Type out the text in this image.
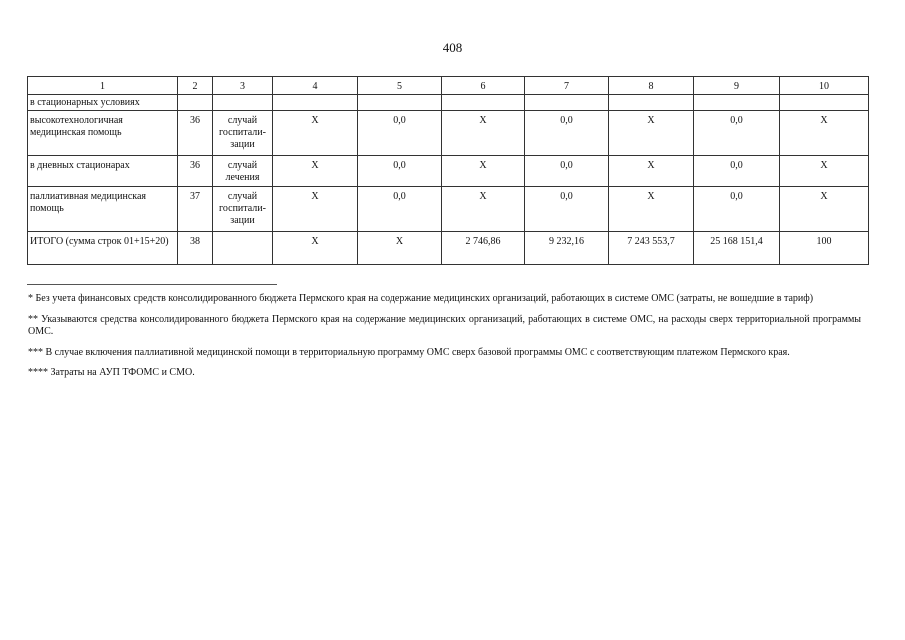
408
1	2	3	4	5	6	7	8	9	10
в стационарных условиях									
высокотехнологичная медицинская помощь	36	случай госпитали- зации	Х	0,0	Х	0,0	Х	0,0	Х
в дневных стационарах	36	случай лечения	Х	0,0	Х	0,0	Х	0,0	Х
паллиативная медицинская помощь	37	случай госпитали- зации	Х	0,0	Х	0,0	Х	0,0	Х
ИТОГО (сумма строк 01+15+20)	38		Х	Х	2 746,86	9 232,16	7 243 553,7	25 168 151,4	100

* Без учета финансовых средств консолидированного бюджета Пермского края на содержание медицинских организаций, работающих в системе ОМС (затраты, не вошедшие в тариф)

** Указываются средства консолидированного бюджета Пермского края на содержание медицинских организаций, работающих в системе ОМС, на расходы сверх территориальной программы ОМС.

*** В случае включения паллиативной медицинской помощи в территориальную программу ОМС сверх базовой программы ОМС с соответствующим платежом Пермского края.

**** Затраты на АУП ТФОМС и СМО.
